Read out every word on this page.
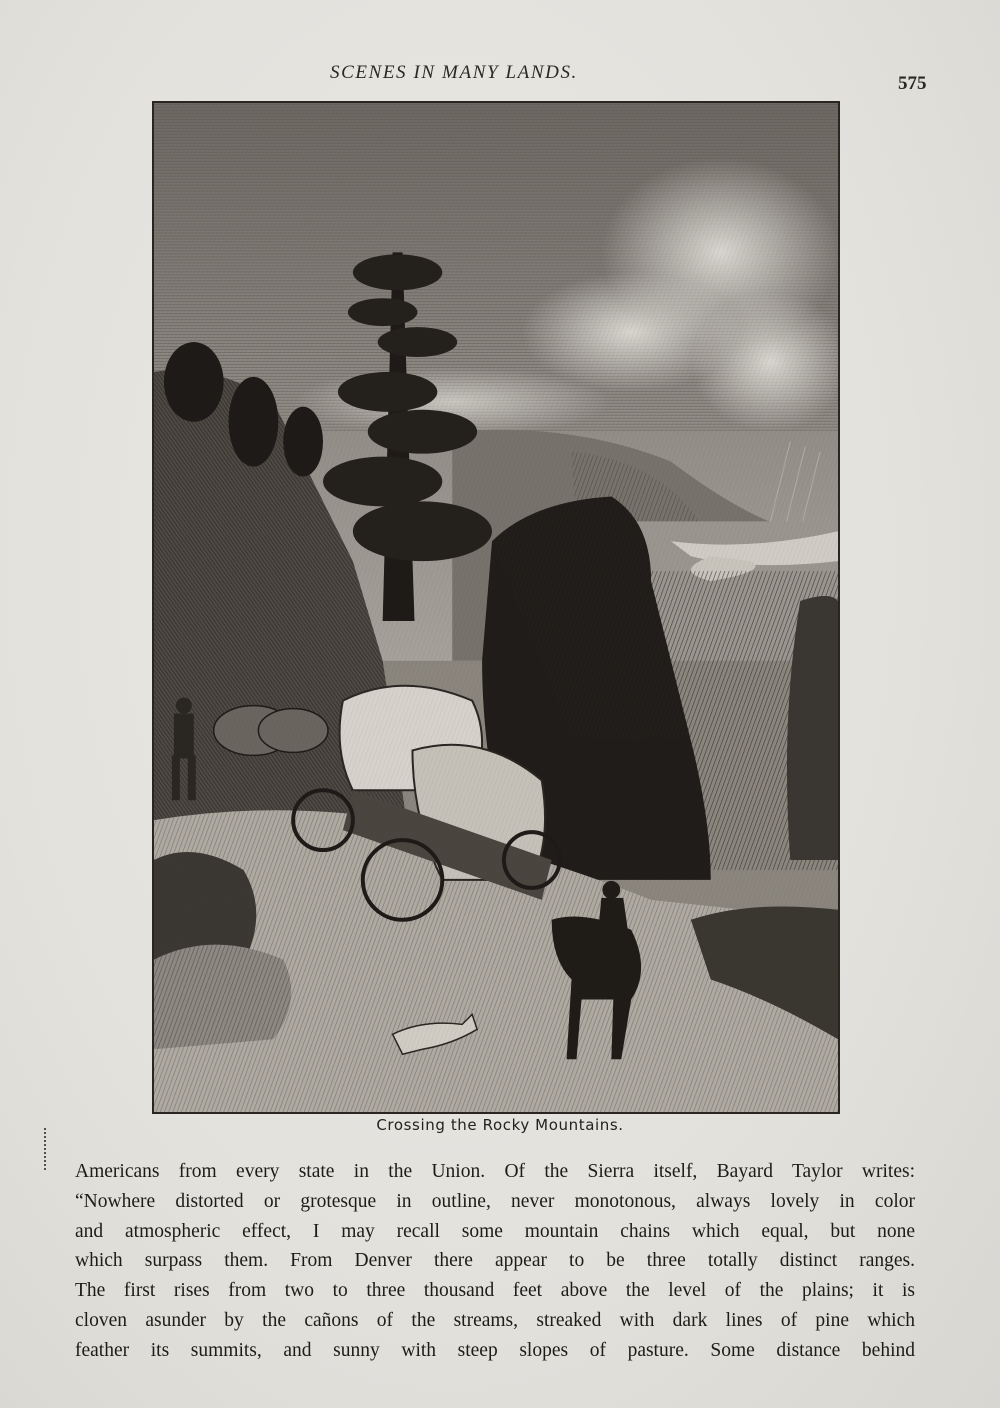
SCENES IN MANY LANDS.
575

Crossing the Rocky Mountains.
Americans from every state in the Union. Of the Sierra itself, Bayard Taylor writes:
“Nowhere distorted or grotesque in outline, never monotonous, always lovely in color
and atmospheric effect, I may recall some mountain chains which equal, but none
which surpass them. From Denver there appear to be three totally distinct ranges.
The first rises from two to three thousand feet above the level of the plains; it is
cloven asunder by the cañons of the streams, streaked with dark lines of pine which
feather its summits, and sunny with steep slopes of pasture. Some distance behind
